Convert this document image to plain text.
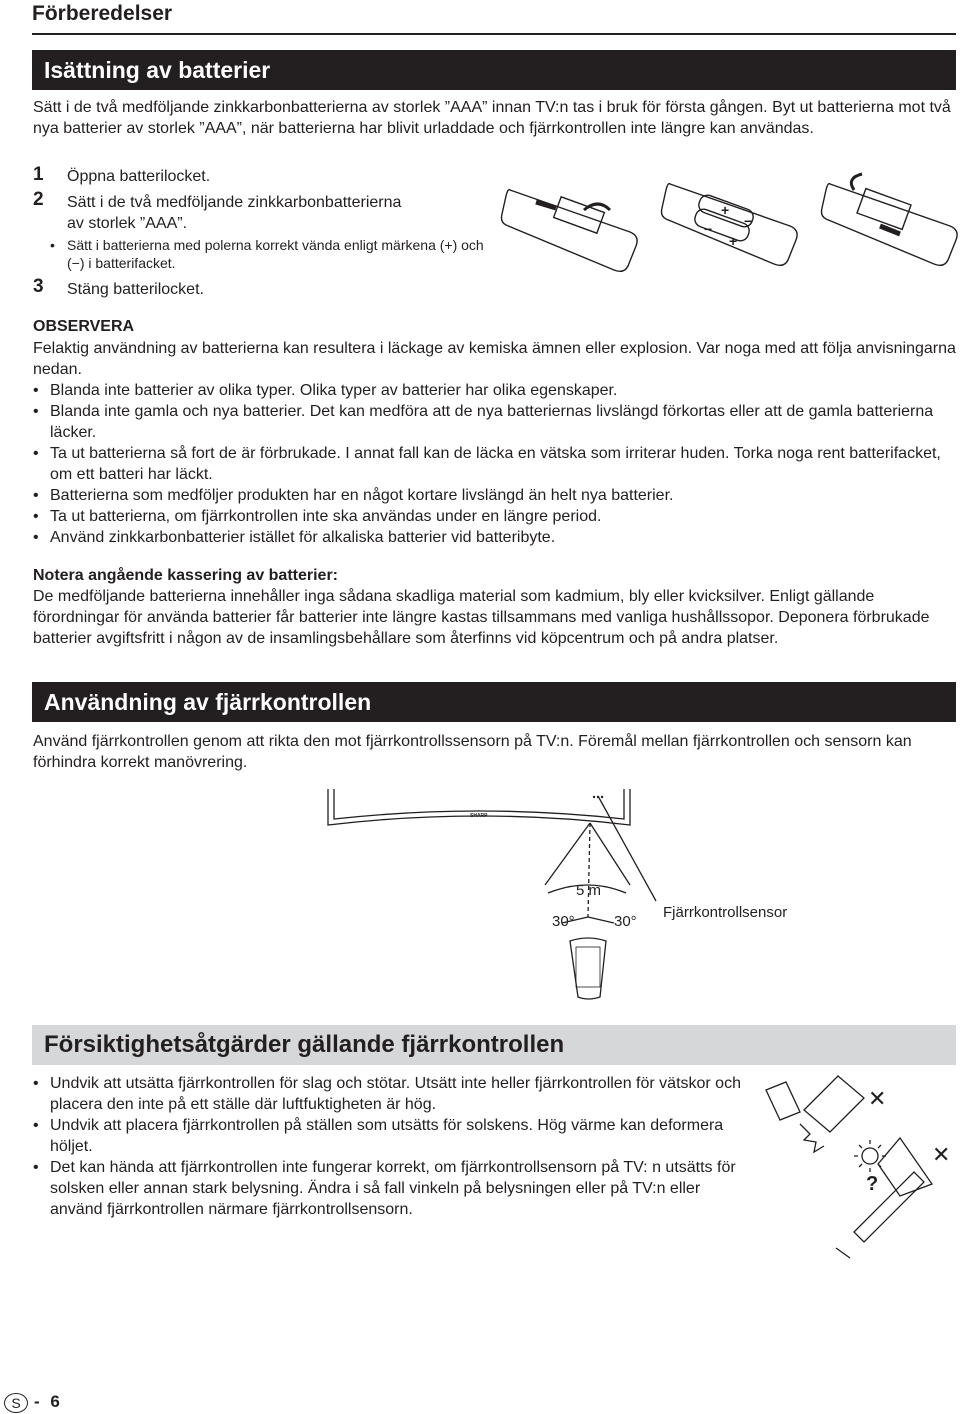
Förberedelser
Isättning av batterier

Sätt i de två medföljande zinkkarbonbatterierna av storlek ”AAA” innan TV:n tas i bruk för första gången. Byt ut batterierna mot två nya batterier av storlek ”AAA”, när batterierna har blivit urladdade och fjärrkontrollen inte längre kan användas.

1 Öppna batterilocket.
2 Sätt i de två medföljande zinkkarbonbatterierna
av storlek ”AAA”.
• Sätt i batterierna med polerna korrekt vända enligt märkena (+) och (−) i batterifacket.
3 Stäng batterilocket.
+
−
−
+
OBSERVERA

Felaktig användning av batterierna kan resultera i läckage av kemiska ämnen eller explosion. Var noga med att följa anvisningarna nedan.

• Blanda inte batterier av olika typer. Olika typer av batterier har olika egenskaper.
• Blanda inte gamla och nya batterier. Det kan medföra att de nya batteriernas livslängd förkortas eller att de gamla batterierna läcker.
• Ta ut batterierna så fort de är förbrukade. I annat fall kan de läcka en vätska som irriterar huden. Torka noga rent batterifacket, om ett batteri har läckt.
• Batterierna som medföljer produkten har en något kortare livslängd än helt nya batterier.
• Ta ut batterierna, om fjärrkontrollen inte ska användas under en längre period.
• Använd zinkkarbonbatterier istället för alkaliska batterier vid batteribyte.
Notera angående kassering av batterier:

De medföljande batterierna innehåller inga sådana skadliga material som kadmium, bly eller kvicksilver. Enligt gällande förordningar för använda batterier får batterier inte längre kastas tillsammans med vanliga hushållssopor. Deponera förbrukade batterier avgiftsfritt i någon av de insamlingsbehållare som återfinns vid köpcentrum och på andra platser.

Användning av fjärrkontrollen

Använd fjärrkontrollen genom att rikta den mot fjärrkontrollssensorn på TV:n. Föremål mellan fjärrkontrollen och sensorn kan förhindra korrekt manövrering.

SHARP
5 m
30°	30°
Fjärrkontrollsensor
Försiktighetsåtgärder gällande fjärrkontrollen
• Undvik att utsätta fjärrkontrollen för slag och stötar. Utsätt inte heller fjärrkontrollen för vätskor och placera den inte på ett ställe där luftfuktigheten är hög.
• Undvik att placera fjärrkontrollen på ställen som utsätts för solskens. Hög värme kan deformera höljet.
• Det kan hända att fjärrkontrollen inte fungerar korrekt, om fjärrkontrollsensorn på TV: n utsätts för solsken eller annan stark belysning. Ändra i så fall vinkeln på belysningen eller på TV:n eller använd fjärrkontrollen närmare fjärrkontrollsensorn.
✕
✕
?
S - 6
